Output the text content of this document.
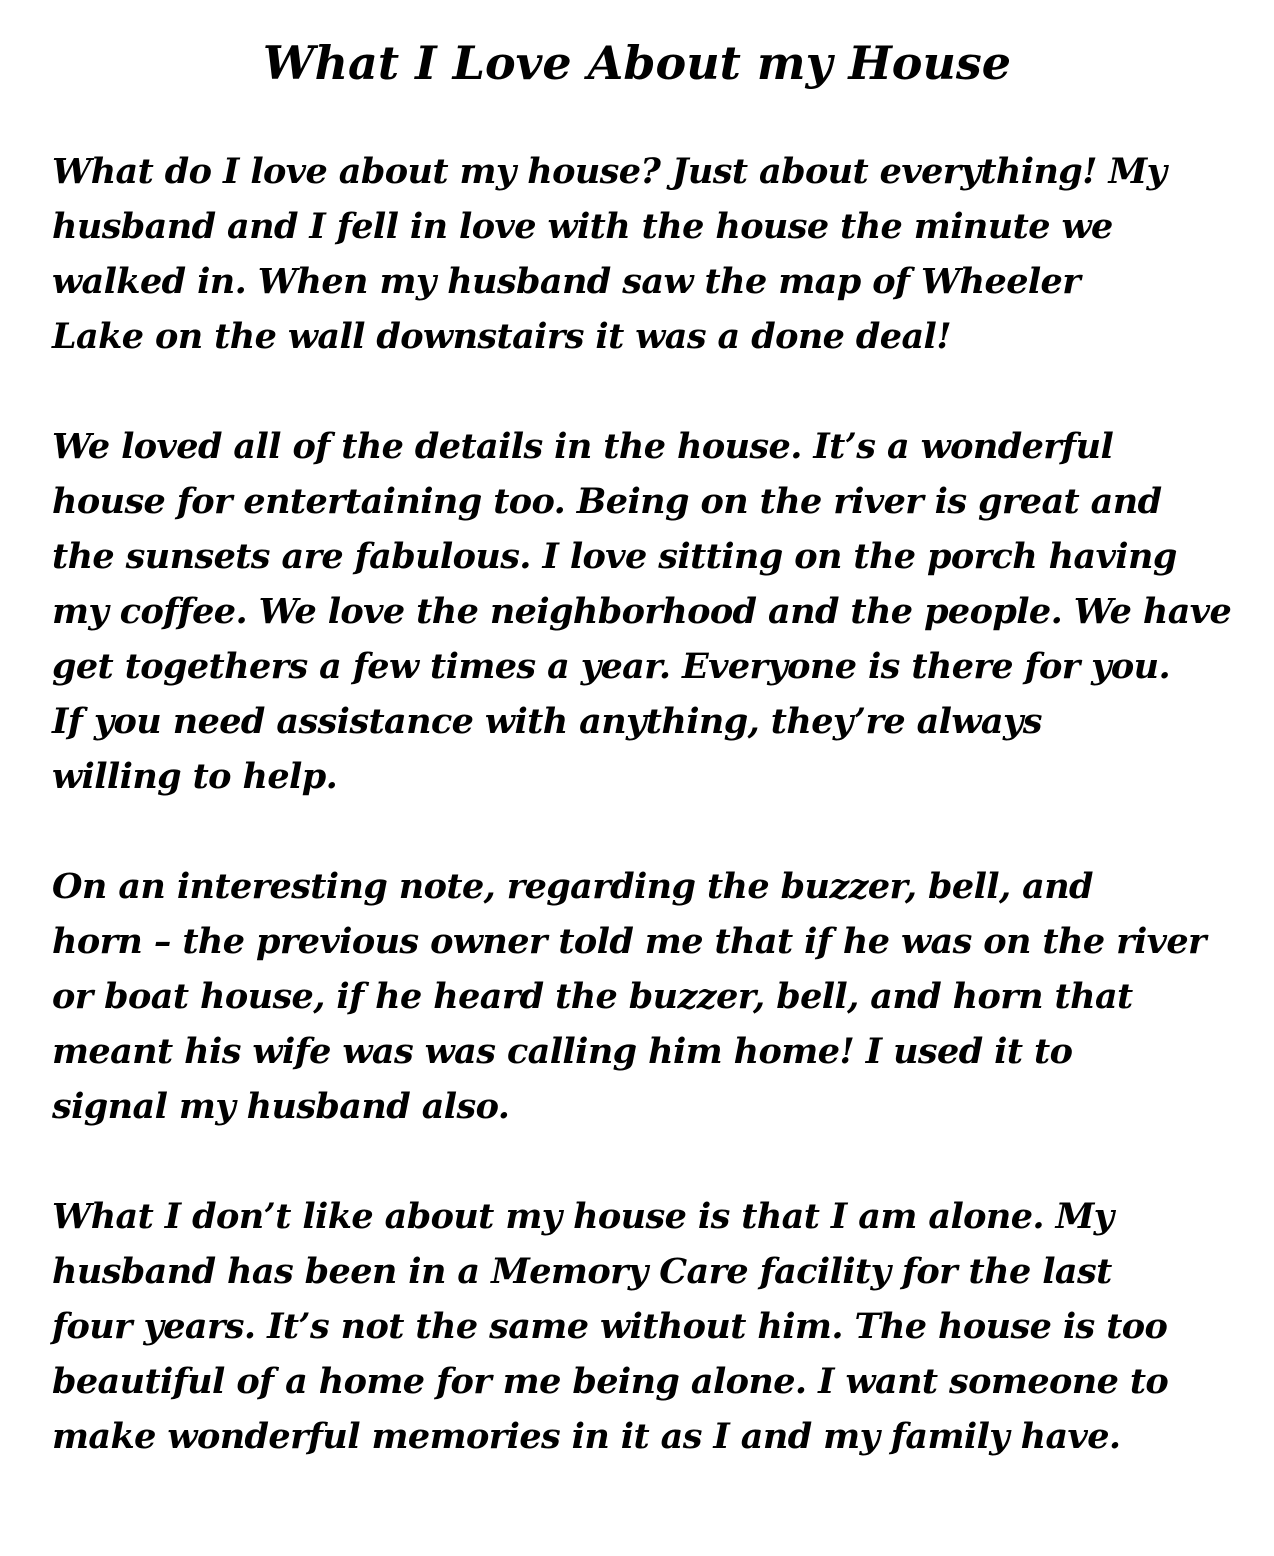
What I Love About my House

What do I love about my house? Just about everything! My
husband and I fell in love with the house the minute we
walked in. When my husband saw the map of Wheeler
Lake on the wall downstairs it was a done deal!

We loved all of the details in the house. It’s a wonderful
house for entertaining too. Being on the river is great and
the sunsets are fabulous. I love sitting on the porch having
my coffee. We love the neighborhood and the people. We have
get togethers a few times a year. Everyone is there for you.
If you need assistance with anything, they’re always
willing to help.

On an interesting note, regarding the buzzer, bell, and
horn – the previous owner told me that if he was on the river
or boat house, if he heard the buzzer, bell, and horn that
meant his wife was was calling him home! I used it to
signal my husband also.

What I don’t like about my house is that I am alone. My
husband has been in a Memory Care facility for the last
four years. It’s not the same without him. The house is too
beautiful of a home for me being alone. I want someone to
make wonderful memories in it as I and my family have.
